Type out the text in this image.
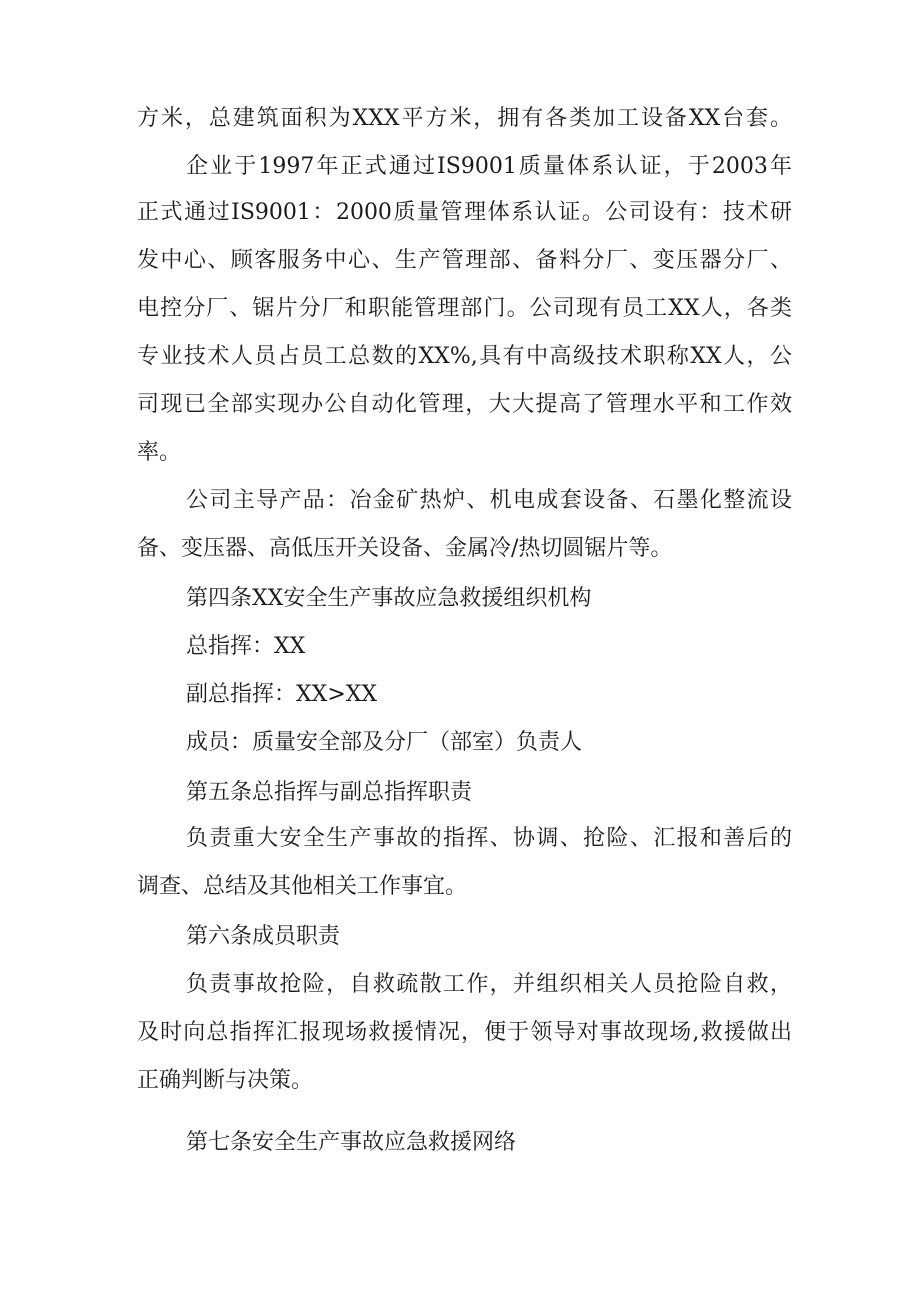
方米，总建筑面积为XXX平方米，拥有各类加工设备XX台套。
企业于1997年正式通过IS9001质量体系认证，于2003年
正式通过IS9001：2000质量管理体系认证。公司设有：技术研
发中心、顾客服务中心、生产管理部、备料分厂、变压器分厂、
电控分厂、锯片分厂和职能管理部门。公司现有员工XX人，各类
专业技术人员占员工总数的XX%,具有中高级技术职称XX人，公
司现已全部实现办公自动化管理，大大提高了管理水平和工作效
率。
公司主导产品：冶金矿热炉、机电成套设备、石墨化整流设
备、变压器、高低压开关设备、金属冷/热切圆锯片等。
第四条XX安全生产事故应急救援组织机构
总指挥：XX
副总指挥：XX>XX
成员：质量安全部及分厂（部室）负责人
第五条总指挥与副总指挥职责
负责重大安全生产事故的指挥、协调、抢险、汇报和善后的
调查、总结及其他相关工作事宜。
第六条成员职责
负责事故抢险，自救疏散工作，并组织相关人员抢险自救，
及时向总指挥汇报现场救援情况，便于领导对事故现场,救援做出
正确判断与决策。
第七条安全生产事故应急救援网络
